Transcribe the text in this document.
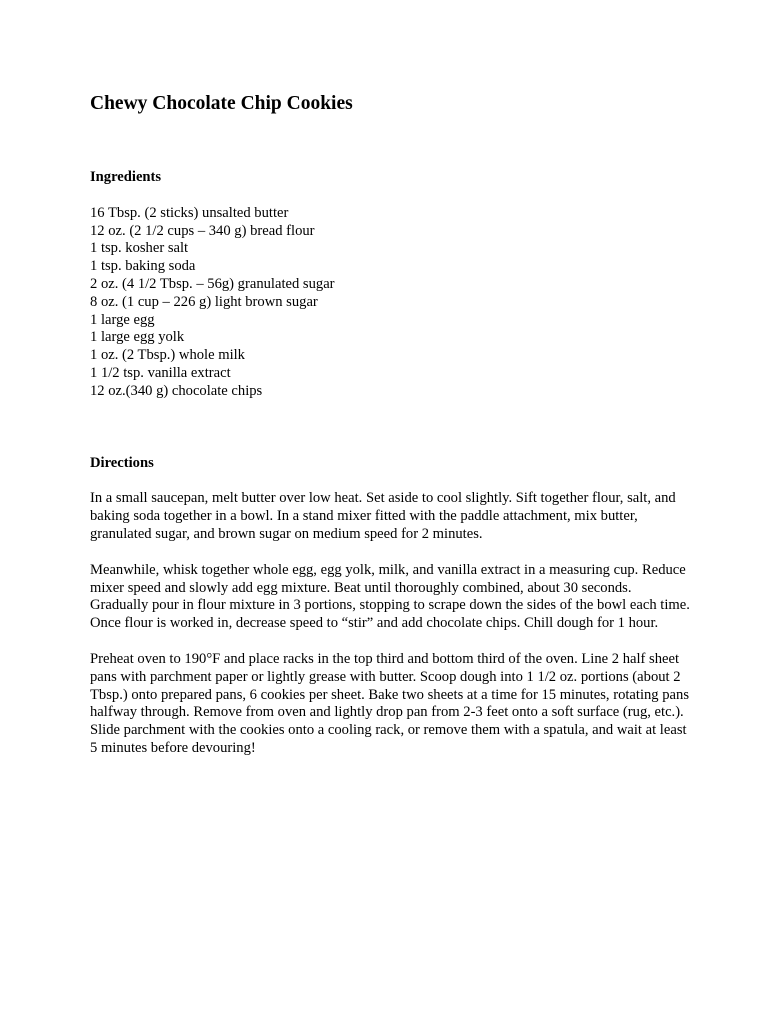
Chewy Chocolate Chip Cookies

Ingredients

16 Tbsp. (2 sticks) unsalted butter
12 oz. (2 1/2 cups – 340 g) bread flour
1 tsp. kosher salt
1 tsp. baking soda
2 oz. (4 1/2 Tbsp. – 56g) granulated sugar
8 oz. (1 cup – 226 g) light brown sugar
1 large egg
1 large egg yolk
1 oz. (2 Tbsp.) whole milk
1 1/2 tsp. vanilla extract
12 oz.(340 g) chocolate chips

Directions

In a small saucepan, melt butter over low heat. Set aside to cool slightly. Sift together flour, salt, and baking soda together in a bowl. In a stand mixer fitted with the paddle attachment, mix butter, granulated sugar, and brown sugar on medium speed for 2 minutes.

Meanwhile, whisk together whole egg, egg yolk, milk, and vanilla extract in a measuring cup. Reduce mixer speed and slowly add egg mixture. Beat until thoroughly combined, about 30 seconds. Gradually pour in flour mixture in 3 portions, stopping to scrape down the sides of the bowl each time. Once flour is worked in, decrease speed to “stir” and add chocolate chips. Chill dough for 1 hour.

Preheat oven to 190°F and place racks in the top third and bottom third of the oven. Line 2 half sheet pans with parchment paper or lightly grease with butter. Scoop dough into 1 1/2 oz. portions (about 2 Tbsp.) onto prepared pans, 6 cookies per sheet. Bake two sheets at a time for 15 minutes, rotating pans halfway through. Remove from oven and lightly drop pan from 2-3 feet onto a soft surface (rug, etc.). Slide parchment with the cookies onto a cooling rack, or remove them with a spatula, and wait at least 5 minutes before devouring!
